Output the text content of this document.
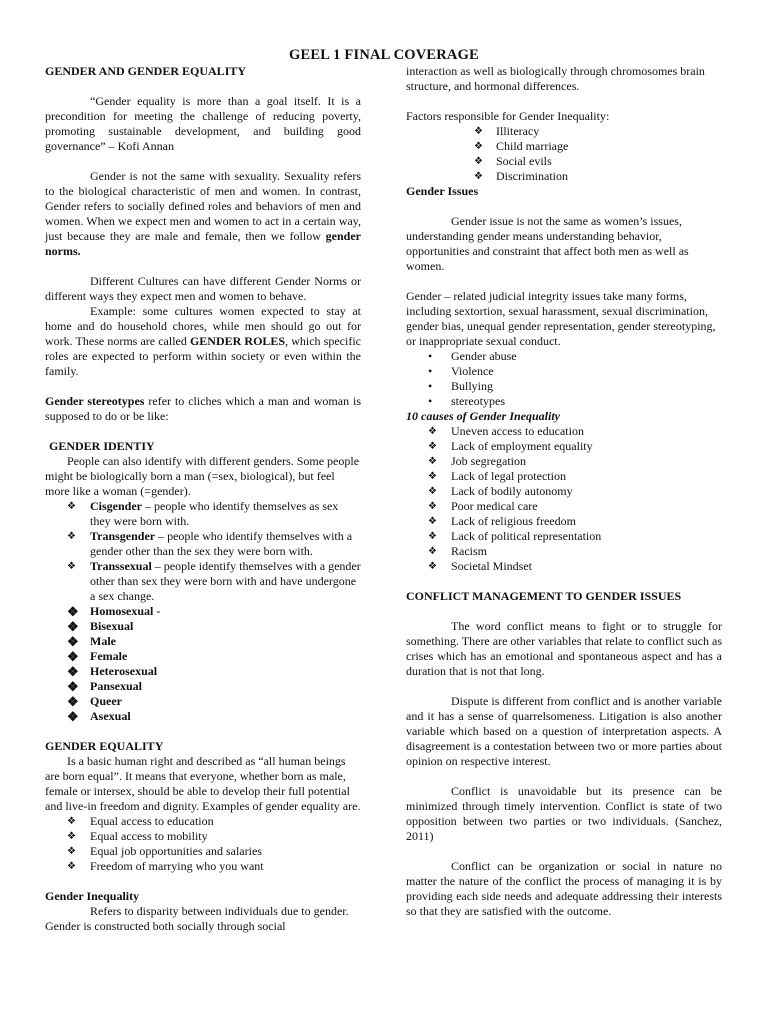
GEEL 1 FINAL COVERAGE

GENDER AND GENDER EQUALITY

“Gender equality is more than a goal itself. It is a precondition for meeting the challenge of reducing poverty, promoting sustainable development, and building good governance” – Kofi Annan

Gender is not the same with sexuality. Sexuality refers to the biological characteristic of men and women. In contrast, Gender refers to socially defined roles and behaviors of men and women. When we expect men and women to act in a certain way, just because they are male and female, then we follow gender norms.

Different Cultures can have different Gender Norms or different ways they expect men and women to behave.

Example: some cultures women expected to stay at home and do household chores, while men should go out for work. These norms are called GENDER ROLES, which specific roles are expected to perform within society or even within the family.

Gender stereotypes refer to cliches which a man and woman is supposed to do or be like:

GENDER IDENTIY

People can also identify with different genders. Some people might be biologically born a man (=sex, biological), but feel more like a woman (=gender).

❖ Cisgender – people who identify themselves as sex they were born with.
❖ Transgender – people who identify themselves with a gender other than the sex they were born with.
❖ Transsexual – people identify themselves with a gender other than sex they were born with and have undergone a sex change.
❖ Homosexual -
❖ Bisexual
❖ Male
❖ Female
❖ Heterosexual
❖ Pansexual
❖ Queer
❖ Asexual

GENDER EQUALITY

Is a basic human right and described as “all human beings are born equal”. It means that everyone, whether born as male, female or intersex, should be able to develop their full potential and live-in freedom and dignity. Examples of gender equality are.

❖ Equal access to education
❖ Equal access to mobility
❖ Equal job opportunities and salaries
❖ Freedom of marrying who you want

Gender Inequality

Refers to disparity between individuals due to gender. Gender is constructed both socially through social

interaction as well as biologically through chromosomes brain structure, and hormonal differences.

Factors responsible for Gender Inequality:

❖ Illiteracy
❖ Child marriage
❖ Social evils
❖ Discrimination

Gender Issues

Gender issue is not the same as women’s issues, understanding gender means understanding behavior, opportunities and constraint that affect both men as well as women.

Gender – related judicial integrity issues take many forms, including sextortion, sexual harassment, sexual discrimination, gender bias, unequal gender representation, gender stereotyping, or inappropriate sexual conduct.

• Gender abuse
• Violence
• Bullying
• stereotypes

10 causes of Gender Inequality

❖ Uneven access to education
❖ Lack of employment equality
❖ Job segregation
❖ Lack of legal protection
❖ Lack of bodily autonomy
❖ Poor medical care
❖ Lack of religious freedom
❖ Lack of political representation
❖ Racism
❖ Societal Mindset

CONFLICT MANAGEMENT TO GENDER ISSUES

The word conflict means to fight or to struggle for something. There are other variables that relate to conflict such as crises which has an emotional and spontaneous aspect and has a duration that is not that long.

Dispute is different from conflict and is another variable and it has a sense of quarrelsomeness. Litigation is also another variable which based on a question of interpretation aspects. A disagreement is a contestation between two or more parties about opinion on respective interest.

Conflict is unavoidable but its presence can be minimized through timely intervention. Conflict is state of two opposition between two parties or two individuals. (Sanchez, 2011)

Conflict can be organization or social in nature no matter the nature of the conflict the process of managing it is by providing each side needs and adequate addressing their interests so that they are satisfied with the outcome.
